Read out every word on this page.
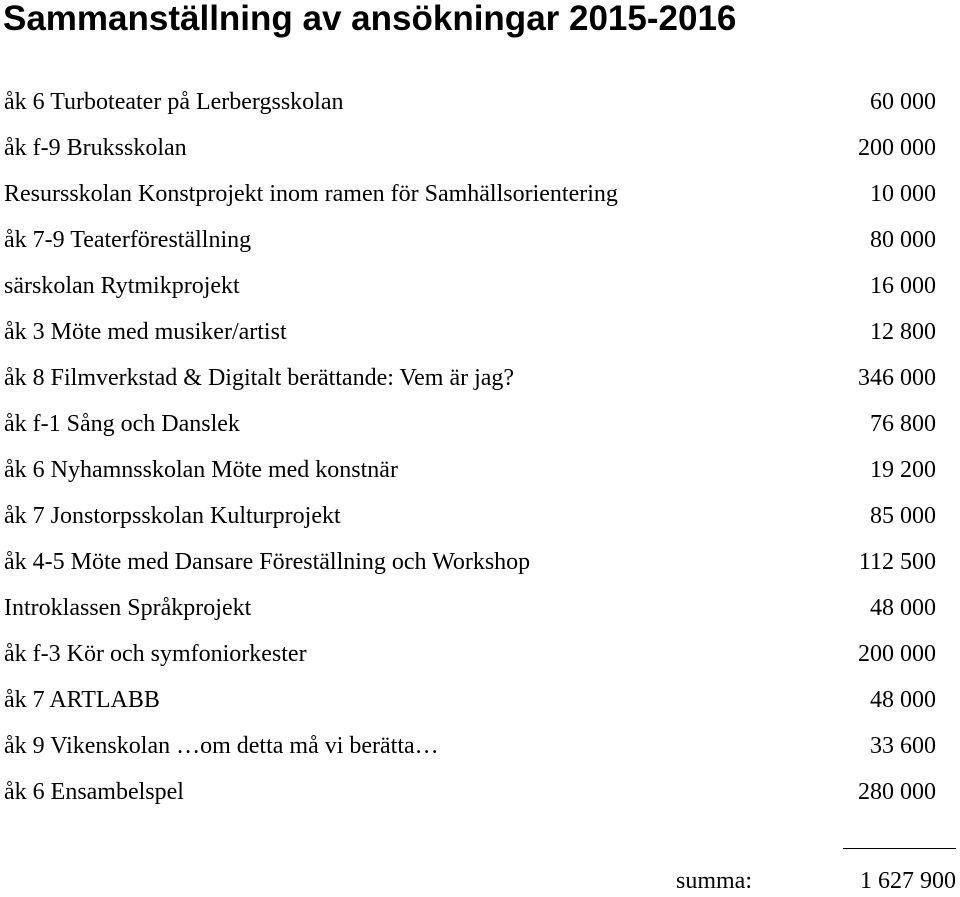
Sammanställning av ansökningar 2015-2016
åk 6 Turboteater på Lerbergsskolan	60 000
åk f-9 Bruksskolan	200 000
Resursskolan Konstprojekt inom ramen för Samhällsorientering	10 000
åk 7-9 Teaterföreställning	80 000
särskolan Rytmikprojekt	16 000
åk 3 Möte med musiker/artist	12 800
åk 8 Filmverkstad & Digitalt berättande: Vem är jag?	346 000
åk f-1 Sång och Danslek	76 800
åk 6 Nyhamnsskolan Möte med konstnär	19 200
åk 7 Jonstorpsskolan Kulturprojekt	85 000
åk 4-5 Möte med Dansare Föreställning och Workshop	112 500
Introklassen Språkprojekt	48 000
åk f-3 Kör och symfoniorkester	200 000
åk 7 ARTLABB	48 000
åk 9 Vikenskolan …om detta må vi berätta…	33 600
åk 6 Ensambelspel	280 000
summa:	1 627 900
